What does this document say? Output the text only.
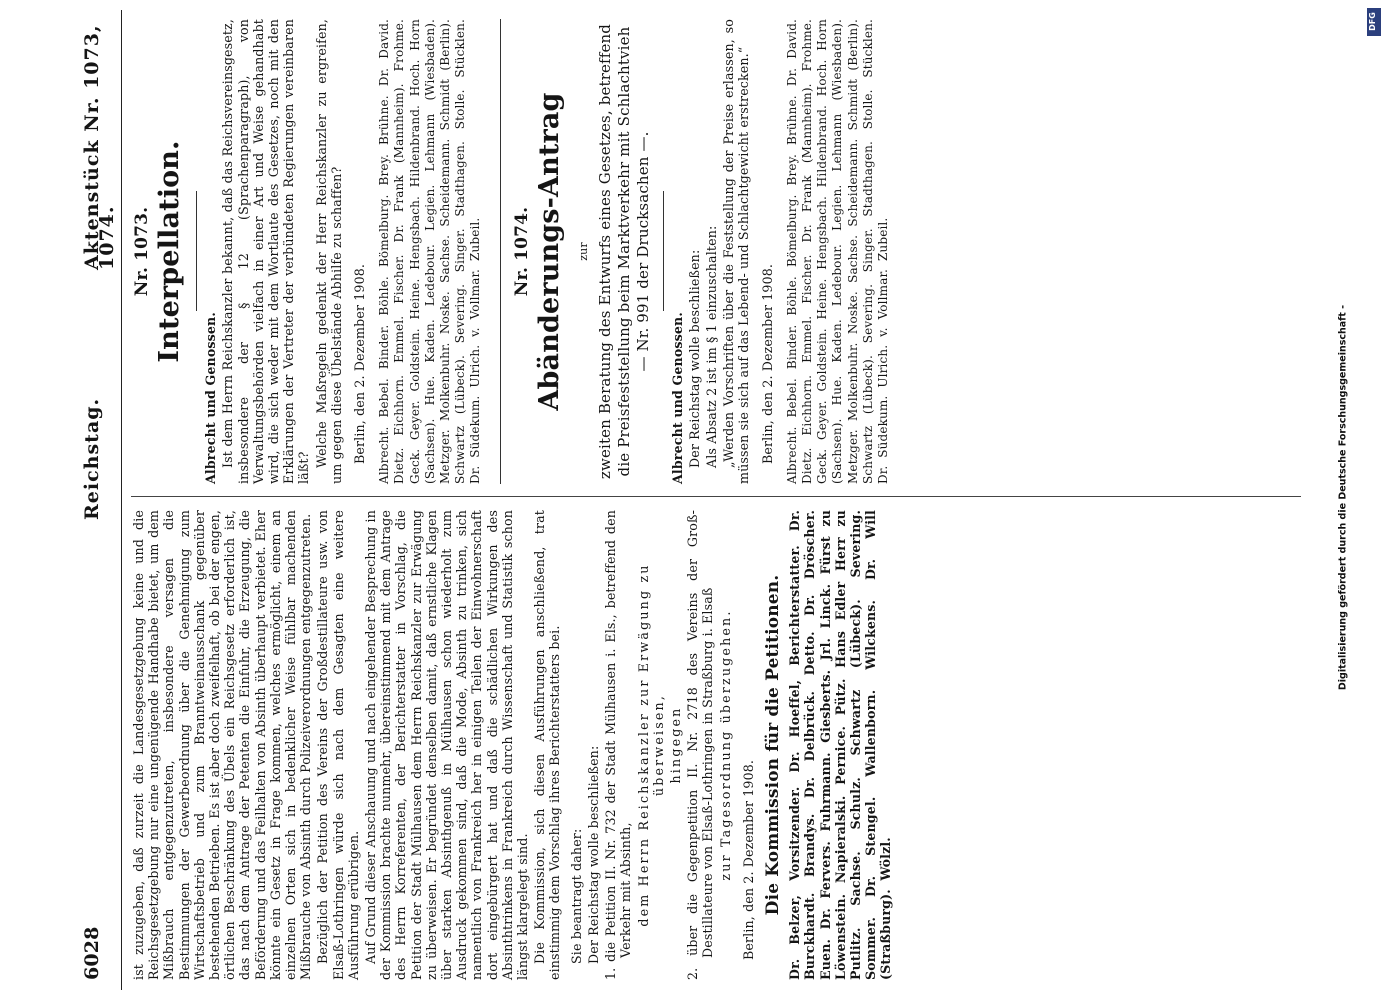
6028
Reichstag.
Aktenstück Nr. 1073, 1074.

ist zuzugeben, daß zurzeit die Landesgesetzgebung keine und die Reichsgesetzgebung nur eine ungenügende Handhabe bietet, um dem Mißbrauch entgegenzutreten, insbesondere versagen die Bestimmungen der Gewerbeordnung über die Genehmigung zum Wirtschaftsbetrieb und zum Branntweinausschank gegenüber bestehenden Betrieben. Es ist aber doch zweifelhaft, ob bei der engen, örtlichen Beschränkung des Übels ein Reichsgesetz erforderlich ist, das nach dem Antrage der Petenten die Einfuhr, die Erzeugung, die Beförderung und das Feilhalten von Absinth überhaupt verbietet. Eher könnte ein Gesetz in Frage kommen, welches ermöglicht, einem an einzelnen Orten sich in bedenklicher Weise fühlbar machenden Mißbrauche von Absinth durch Polizeiverordnungen entgegenzutreten. Bezüglich der Petition des Vereins der Großdestillateure usw. von Elsaß-Lothringen würde sich nach dem Gesagten eine weitere Ausführung erübrigen. Auf Grund dieser Anschauung und nach eingehender Besprechung in der Kommission brachte nunmehr, übereinstimmend mit dem Antrage des Herrn Korreferenten, der Berichterstatter in Vorschlag, die Petition der Stadt Mülhausen dem Herrn Reichskanzler zur Erwägung zu überweisen. Er begründet denselben damit, daß ernstliche Klagen über starken Absinthgenuß in Mülhausen schon wiederholt zum Ausdruck gekommen sind, daß die Mode, Absinth zu trinken, sich namentlich von Frankreich her in einigen Teilen der Einwohnerschaft dort eingebürgert hat und daß die schädlichen Wirkungen des Absinthtrinkens in Frankreich durch Wissenschaft und Statistik schon längst klargelegt sind. Die Kommission, sich diesen Ausführungen anschließend, trat einstimmig dem Vorschlag ihres Berichterstatters bei. Sie beantragt daher: Der Reichstag wolle beschließen: 1. die Petition II. Nr. 732 der Stadt Mülhausen i. Els., betreffend den Verkehr mit Absinth, dem Herrn Reichskanzler zur Erwägung zu überweisen, hingegen 2. über die Gegenpetition II. Nr. 2718 des Vereins der Groß-Destillateure von Elsaß-Lothringen in Straßburg i. Elsaß zur Tagesordnung überzugehen. Berlin, den 2. Dezember 1908. Die Kommission für die Petitionen. Dr. Belzer, Vorsitzender. Dr. Hoeffel, Berichterstatter. Dr. Burckhardt. Brandys. Dr. Delbrück. Detto. Dr. Dröscher. Euen. Dr. Fervers. Fuhrmann. Giesberts. Jrl. Linck. Fürst zu Löwenstein. Napieralski. Pernice. Pütz. Hans Edler Herr zu Putlitz. Sachse. Schulz. Schwartz (Lübeck). Severing. Sommer. Dr. Stengel. Wallenborn. Wilckens. Dr. Will (Straßburg). Wölzl.

Nr. 1073. Interpellation.

Albrecht und Genossen. Ist dem Herrn Reichskanzler bekannt, daß das Reichsvereinsgesetz, insbesondere der § 12 (Sprachenparagraph), von Verwaltungsbehörden vielfach in einer Art und Weise gehandhabt wird, die sich weder mit dem Wortlaute des Gesetzes, noch mit den Erklärungen der Vertreter der verbündeten Regierungen vereinbaren läßt? Welche Maßregeln gedenkt der Herr Reichskanzler zu ergreifen, um gegen diese Übelstände Abhilfe zu schaffen? Berlin, den 2. Dezember 1908. Albrecht. Bebel. Binder. Böhle. Bömelburg. Brey. Brühne. Dr. David. Dietz. Eichhorn. Emmel. Fischer. Dr. Frank (Mannheim). Frohme. Geck. Geyer. Goldstein. Heine. Hengsbach. Hildenbrand. Hoch. Horn (Sachsen). Hue. Kaden. Ledebour. Legien. Lehmann (Wiesbaden). Metzger. Molkenbuhr. Noske. Sachse. Scheidemann. Schmidt (Berlin). Schwartz (Lübeck). Severing. Singer. Stadthagen. Stolle. Stücklen. Dr. Südekum. Ulrich. v. Vollmar. Zubeil. Nr. 1074. Abänderungs-Antrag zur zweiten Beratung des Entwurfs eines Gesetzes, betreffend die Preisfeststellung beim Marktverkehr mit Schlachtvieh — Nr. 991 der Drucksachen —.

Albrecht und Genossen. Der Reichstag wolle beschließen: Als Absatz 2 ist im § 1 einzuschalten: „Werden Vorschriften über die Feststellung der Preise erlassen, so müssen sie sich auf das Lebend- und Schlachtgewicht erstrecken.“ Berlin, den 2. Dezember 1908. Albrecht. Bebel. Binder. Böhle. Bömelburg. Brey. Brühne. Dr. David. Dietz. Eichhorn. Emmel. Fischer. Dr. Frank (Mannheim). Frohme. Geck. Geyer. Goldstein. Heine. Hengsbach. Hildenbrand. Hoch. Horn (Sachsen). Hue. Kaden. Ledebour. Legien. Lehmann (Wiesbaden). Metzger. Molkenbuhr. Noske. Sachse. Scheidemann. Schmidt (Berlin). Schwartz (Lübeck). Severing. Singer. Stadthagen. Stolle. Stücklen. Dr. Südekum. Ulrich. v. Vollmar. Zubeil.	Digitalisierung gefördert durch die Deutsche Forschungsgemeinschaft -
DFG
